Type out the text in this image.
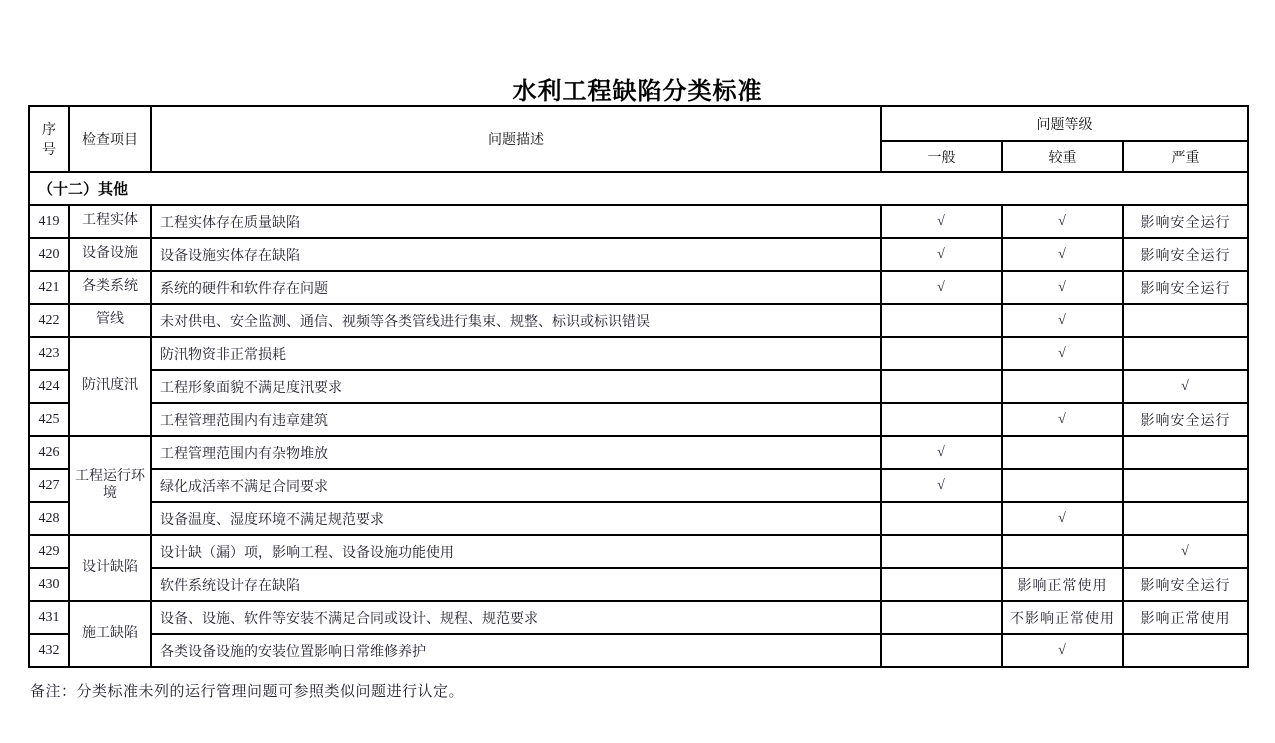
水利工程缺陷分类标准
序号	检查项目	问题描述	问题等级		
			一般	较重	严重
（十二）其他					
419	工程实体	工程实体存在质量缺陷	√	√	影响安全运行
420	设备设施	设备设施实体存在缺陷	√	√	影响安全运行
421	各类系统	系统的硬件和软件存在问题	√	√	影响安全运行
422	管线	未对供电、安全监测、通信、视频等各类管线进行集束、规整、标识或标识错误		√	
423	防汛度汛	防汛物资非正常损耗		√	
424		工程形象面貌不满足度汛要求			√
425		工程管理范围内有违章建筑		√	影响安全运行
426	工程运行环境	工程管理范围内有杂物堆放	√		
427		绿化成活率不满足合同要求	√		
428		设备温度、湿度环境不满足规范要求		√	
429	设计缺陷	设计缺（漏）项，影响工程、设备设施功能使用			√
430		软件系统设计存在缺陷		影响正常使用	影响安全运行
431	施工缺陷	设备、设施、软件等安装不满足合同或设计、规程、规范要求		不影响正常使用	影响正常使用
432		各类设备设施的安装位置影响日常维修养护		√	

备注：分类标准未列的运行管理问题可参照类似问题进行认定。
